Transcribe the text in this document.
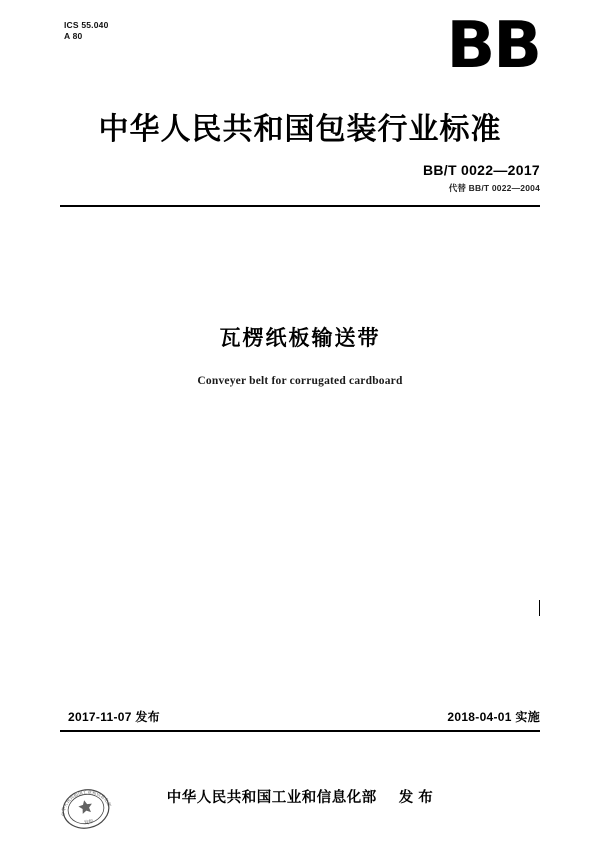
ICS 55.040
A 80	BB
中华人民共和国包装行业标准
BB/T 0022—2017
代替 BB/T 0022—2004
瓦楞纸板输送带
Conveyer belt for corrugated cardboard
2017-11-07 发布	2018-04-01 实施
中华人民共和国工业和信息化部 发 布
中华人民共和国工业和信息化部
发布
